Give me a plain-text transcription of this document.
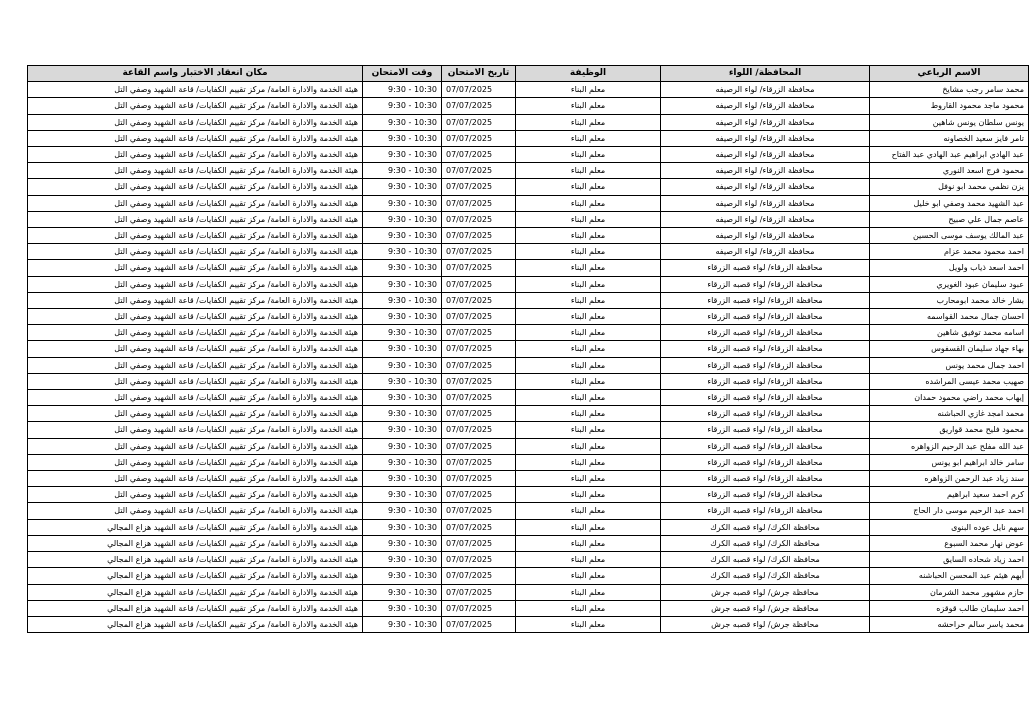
الاسم الرباعي	المحافظة/ اللواء	الوظيفة	تاريخ الامتحان	وقت الامتحان	مكان انعقاد الاختبار واسم القاعة
محمد سامر رجب مشايخ	محافظة الزرقاء/ لواء الرصيفه	معلم البناء	07/07/2025	9:30 - 10:30	هيئة الخدمة والادارة العامة/ مركز تقييم الكفايات/ قاعة الشهيد وصفي التل
محمود ماجد محمود القاروط	محافظة الزرقاء/ لواء الرصيفه	معلم البناء	07/07/2025	9:30 - 10:30	هيئة الخدمة والادارة العامة/ مركز تقييم الكفايات/ قاعة الشهيد وصفي التل
يونس سلطان يونس شاهين	محافظة الزرقاء/ لواء الرصيفه	معلم البناء	07/07/2025	9:30 - 10:30	هيئة الخدمة والادارة العامة/ مركز تقييم الكفايات/ قاعة الشهيد وصفي التل
تامر فايز سعيد الخصاونه	محافظة الزرقاء/ لواء الرصيفه	معلم البناء	07/07/2025	9:30 - 10:30	هيئة الخدمة والادارة العامة/ مركز تقييم الكفايات/ قاعة الشهيد وصفي التل
عبد الهادي ابراهيم عبد الهادي عبد الفتاح	محافظة الزرقاء/ لواء الرصيفه	معلم البناء	07/07/2025	9:30 - 10:30	هيئة الخدمة والادارة العامة/ مركز تقييم الكفايات/ قاعة الشهيد وصفي التل
محمود فرج اسعد النوري	محافظة الزرقاء/ لواء الرصيفه	معلم البناء	07/07/2025	9:30 - 10:30	هيئة الخدمة والادارة العامة/ مركز تقييم الكفايات/ قاعة الشهيد وصفي التل
يزن نظمي محمد ابو نوفل	محافظة الزرقاء/ لواء الرصيفه	معلم البناء	07/07/2025	9:30 - 10:30	هيئة الخدمة والادارة العامة/ مركز تقييم الكفايات/ قاعة الشهيد وصفي التل
عبد الشهيد محمد وصفي ابو خليل	محافظة الزرقاء/ لواء الرصيفه	معلم البناء	07/07/2025	9:30 - 10:30	هيئة الخدمة والادارة العامة/ مركز تقييم الكفايات/ قاعة الشهيد وصفي التل
عاصم جمال علي صبيح	محافظة الزرقاء/ لواء الرصيفه	معلم البناء	07/07/2025	9:30 - 10:30	هيئة الخدمة والادارة العامة/ مركز تقييم الكفايات/ قاعة الشهيد وصفي التل
عبد المالك يوسف موسى الحسين	محافظة الزرقاء/ لواء الرصيفه	معلم البناء	07/07/2025	9:30 - 10:30	هيئة الخدمة والادارة العامة/ مركز تقييم الكفايات/ قاعة الشهيد وصفي التل
احمد محمود محمد عزام	محافظة الزرقاء/ لواء الرصيفه	معلم البناء	07/07/2025	9:30 - 10:30	هيئة الخدمة والادارة العامة/ مركز تقييم الكفايات/ قاعة الشهيد وصفي التل
احمد اسعد ذياب ولويل	محافظة الزرقاء/ لواء قصبه الزرقاء	معلم البناء	07/07/2025	9:30 - 10:30	هيئة الخدمة والادارة العامة/ مركز تقييم الكفايات/ قاعة الشهيد وصفي التل
عبود سليمان عبود الغويري	محافظة الزرقاء/ لواء قصبه الزرقاء	معلم البناء	07/07/2025	9:30 - 10:30	هيئة الخدمة والادارة العامة/ مركز تقييم الكفايات/ قاعة الشهيد وصفي التل
بشار خالد محمد ابومحارب	محافظة الزرقاء/ لواء قصبه الزرقاء	معلم البناء	07/07/2025	9:30 - 10:30	هيئة الخدمة والادارة العامة/ مركز تقييم الكفايات/ قاعة الشهيد وصفي التل
احسان جمال محمد القواسمه	محافظة الزرقاء/ لواء قصبه الزرقاء	معلم البناء	07/07/2025	9:30 - 10:30	هيئة الخدمة والادارة العامة/ مركز تقييم الكفايات/ قاعة الشهيد وصفي التل
اسامه محمد توفيق شاهين	محافظة الزرقاء/ لواء قصبه الزرقاء	معلم البناء	07/07/2025	9:30 - 10:30	هيئة الخدمة والادارة العامة/ مركز تقييم الكفايات/ قاعة الشهيد وصفي التل
بهاء جهاد سليمان القسفوس	محافظة الزرقاء/ لواء قصبه الزرقاء	معلم البناء	07/07/2025	9:30 - 10:30	هيئة الخدمة والادارة العامة/ مركز تقييم الكفايات/ قاعة الشهيد وصفي التل
احمد جمال محمد يونس	محافظة الزرقاء/ لواء قصبه الزرقاء	معلم البناء	07/07/2025	9:30 - 10:30	هيئة الخدمة والادارة العامة/ مركز تقييم الكفايات/ قاعة الشهيد وصفي التل
صهيب محمد عيسى المراشده	محافظة الزرقاء/ لواء قصبه الزرقاء	معلم البناء	07/07/2025	9:30 - 10:30	هيئة الخدمة والادارة العامة/ مركز تقييم الكفايات/ قاعة الشهيد وصفي التل
إيهاب محمد راضي محمود حمدان	محافظة الزرقاء/ لواء قصبه الزرقاء	معلم البناء	07/07/2025	9:30 - 10:30	هيئة الخدمة والادارة العامة/ مركز تقييم الكفايات/ قاعة الشهيد وصفي التل
محمد امجد غازي الحباشنه	محافظة الزرقاء/ لواء قصبه الزرقاء	معلم البناء	07/07/2025	9:30 - 10:30	هيئة الخدمة والادارة العامة/ مركز تقييم الكفايات/ قاعة الشهيد وصفي التل
محمود فليح محمد قواريق	محافظة الزرقاء/ لواء قصبه الزرقاء	معلم البناء	07/07/2025	9:30 - 10:30	هيئة الخدمة والادارة العامة/ مركز تقييم الكفايات/ قاعة الشهيد وصفي التل
عبد الله مفلح عبد الرحيم الزواهره	محافظة الزرقاء/ لواء قصبه الزرقاء	معلم البناء	07/07/2025	9:30 - 10:30	هيئة الخدمة والادارة العامة/ مركز تقييم الكفايات/ قاعة الشهيد وصفي التل
سامر خالد ابراهيم ابو يونس	محافظة الزرقاء/ لواء قصبه الزرقاء	معلم البناء	07/07/2025	9:30 - 10:30	هيئة الخدمة والادارة العامة/ مركز تقييم الكفايات/ قاعة الشهيد وصفي التل
سند زياد عبد الرحمن الزواهره	محافظة الزرقاء/ لواء قصبه الزرقاء	معلم البناء	07/07/2025	9:30 - 10:30	هيئة الخدمة والادارة العامة/ مركز تقييم الكفايات/ قاعة الشهيد وصفي التل
كرم احمد سعيد ابراهيم	محافظة الزرقاء/ لواء قصبه الزرقاء	معلم البناء	07/07/2025	9:30 - 10:30	هيئة الخدمة والادارة العامة/ مركز تقييم الكفايات/ قاعة الشهيد وصفي التل
احمد عبد الرحيم موسى دار الحاج	محافظة الزرقاء/ لواء قصبه الزرقاء	معلم البناء	07/07/2025	9:30 - 10:30	هيئة الخدمة والادارة العامة/ مركز تقييم الكفايات/ قاعة الشهيد وصفي التل
سهم نايل عوده البنوى	محافظة الكرك/ لواء قصبه الكرك	معلم البناء	07/07/2025	9:30 - 10:30	هيئة الخدمة والادارة العامة/ مركز تقييم الكفايات/ قاعة الشهيد هزاع المجالي
عوض نهار محمد السبوع	محافظة الكرك/ لواء قصبه الكرك	معلم البناء	07/07/2025	9:30 - 10:30	هيئة الخدمة والادارة العامة/ مركز تقييم الكفايات/ قاعة الشهيد هزاع المجالي
احمد زياد شحاده السايق	محافظة الكرك/ لواء قصبه الكرك	معلم البناء	07/07/2025	9:30 - 10:30	هيئة الخدمة والادارة العامة/ مركز تقييم الكفايات/ قاعة الشهيد هزاع المجالي
أيهم هيثم عبد المحسن الحباشنه	محافظة الكرك/ لواء قصبه الكرك	معلم البناء	07/07/2025	9:30 - 10:30	هيئة الخدمة والادارة العامة/ مركز تقييم الكفايات/ قاعة الشهيد هزاع المجالي
حازم مشهور محمد الشرمان	محافظة جرش/ لواء قصبه جرش	معلم البناء	07/07/2025	9:30 - 10:30	هيئة الخدمة والادارة العامة/ مركز تقييم الكفايات/ قاعة الشهيد هزاع المجالي
احمد سليمان طالب قوقزه	محافظة جرش/ لواء قصبه جرش	معلم البناء	07/07/2025	9:30 - 10:30	هيئة الخدمة والادارة العامة/ مركز تقييم الكفايات/ قاعة الشهيد هزاع المجالي
محمد ياسر سالم حراحشه	محافظة جرش/ لواء قصبه جرش	معلم البناء	07/07/2025	9:30 - 10:30	هيئة الخدمة والادارة العامة/ مركز تقييم الكفايات/ قاعة الشهيد هزاع المجالي
